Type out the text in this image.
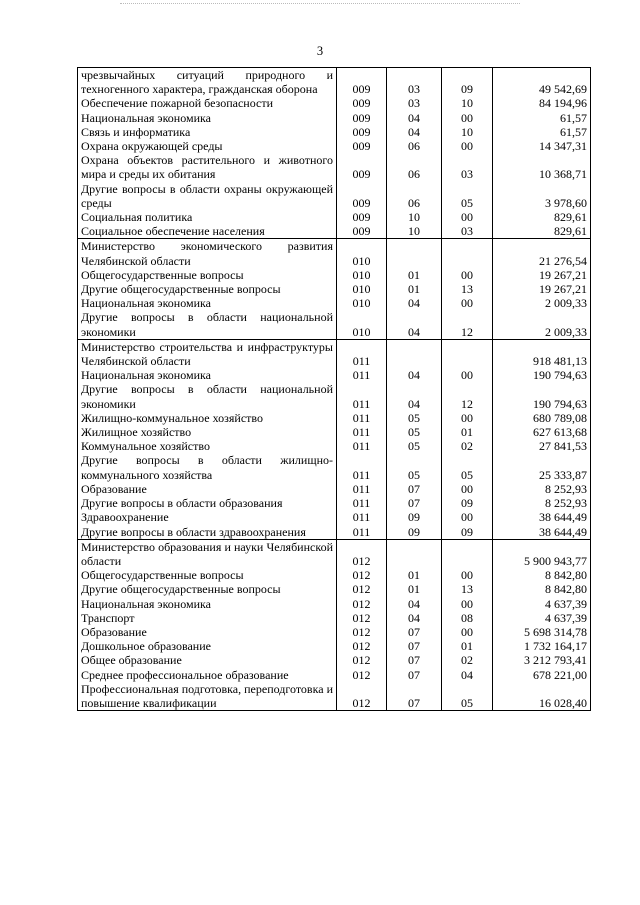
3
чрезвычайных ситуаций природного и техногенного характера, гражданская оборона	009	03	09	49 542,69
Обеспечение пожарной безопасности	009	03	10	84 194,96
Национальная экономика	009	04	00	61,57
Связь и информатика	009	04	10	61,57
Охрана окружающей среды	009	06	00	14 347,31
Охрана объектов растительного и животного мира и среды их обитания	009	06	03	10 368,71
Другие вопросы в области охраны окружающей среды	009	06	05	3 978,60
Социальная политика	009	10	00	829,61
Социальное обеспечение населения	009	10	03	829,61
Министерство экономического развития Челябинской области	010			21 276,54
Общегосударственные вопросы	010	01	00	19 267,21
Другие общегосударственные вопросы	010	01	13	19 267,21
Национальная экономика	010	04	00	2 009,33
Другие вопросы в области национальной экономики	010	04	12	2 009,33
Министерство строительства и инфраструктуры Челябинской области	011			918 481,13
Национальная экономика	011	04	00	190 794,63
Другие вопросы в области национальной экономики	011	04	12	190 794,63
Жилищно-коммунальное хозяйство	011	05	00	680 789,08
Жилищное хозяйство	011	05	01	627 613,68
Коммунальное хозяйство	011	05	02	27 841,53
Другие вопросы в области жилищно-коммунального хозяйства	011	05	05	25 333,87
Образование	011	07	00	8 252,93
Другие вопросы в области образования	011	07	09	8 252,93
Здравоохранение	011	09	00	38 644,49
Другие вопросы в области здравоохранения	011	09	09	38 644,49
Министерство образования и науки Челябинской области	012			5 900 943,77
Общегосударственные вопросы	012	01	00	8 842,80
Другие общегосударственные вопросы	012	01	13	8 842,80
Национальная экономика	012	04	00	4 637,39
Транспорт	012	04	08	4 637,39
Образование	012	07	00	5 698 314,78
Дошкольное образование	012	07	01	1 732 164,17
Общее образование	012	07	02	3 212 793,41
Среднее профессиональное образование	012	07	04	678 221,00
Профессиональная подготовка, переподготовка и повышение квалификации	012	07	05	16 028,40
